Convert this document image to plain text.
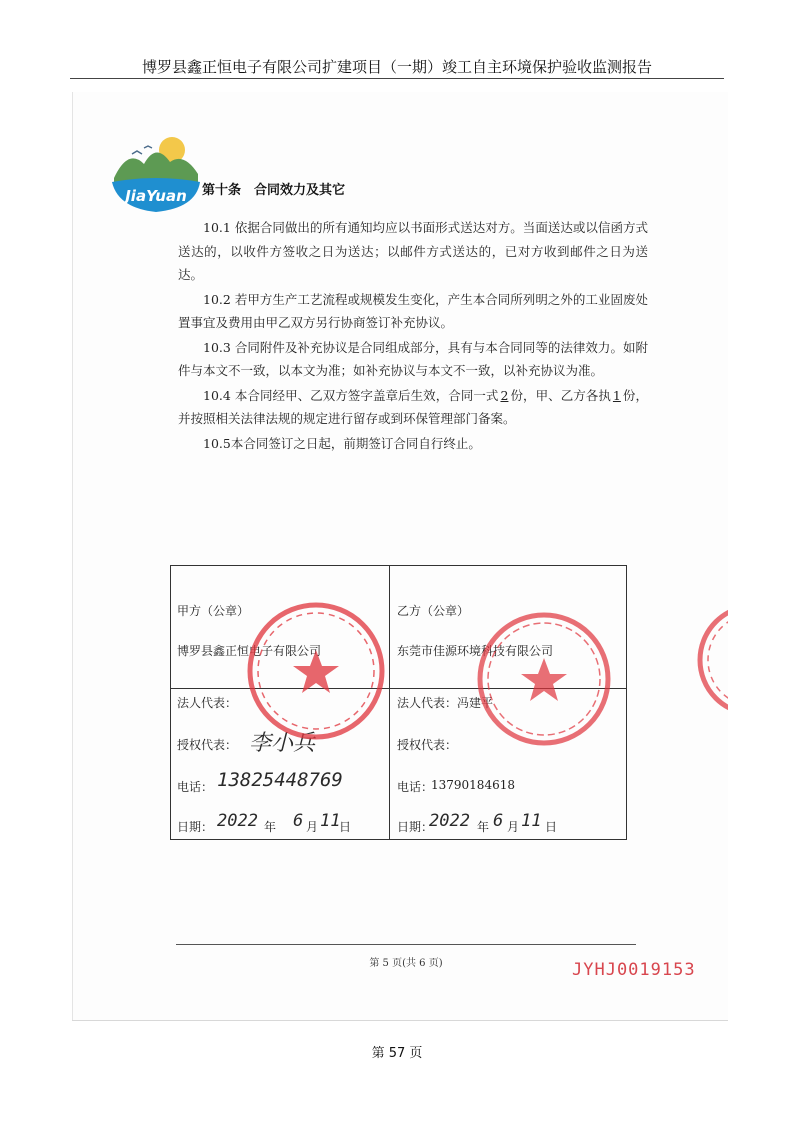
博罗县鑫正恒电子有限公司扩建项目（一期）竣工自主环境保护验收监测报告
JiaYuan 第十条　合同效力及其它

10.1 依据合同做出的所有通知均应以书面形式送达对方。当面送达或以信函方式送达的，以收件方签收之日为送达；以邮件方式送达的，已对方收到邮件之日为送达。

10.2 若甲方生产工艺流程或规模发生变化，产生本合同所列明之外的工业固废处置事宜及费用由甲乙双方另行协商签订补充协议。

10.3 合同附件及补充协议是合同组成部分，具有与本合同同等的法律效力。如附件与本文不一致，以本文为准；如补充协议与本文不一致，以补充协议为准。

10.4 本合同经甲、乙双方签字盖章后生效，合同一式 2 份，甲、乙方各执 1 份，并按照相关法律法规的规定进行留存或到环保管理部门备案。

10.5本合同签订之日起，前期签订合同自行终止。

甲方（公章）
博罗县鑫正恒电子有限公司
法人代表：
授权代表： 李小兵
电话： 13825448769
日期： 2022 年 6 月 11
日
乙方（公章）
东莞市佳源环境科技有限公司
法人代表： 冯建平
授权代表：
电话：
13790184618
日期：
2022 年 6 月 11 日
第 5 页(共 6 页)	JYHJ0019153
第 57 页
